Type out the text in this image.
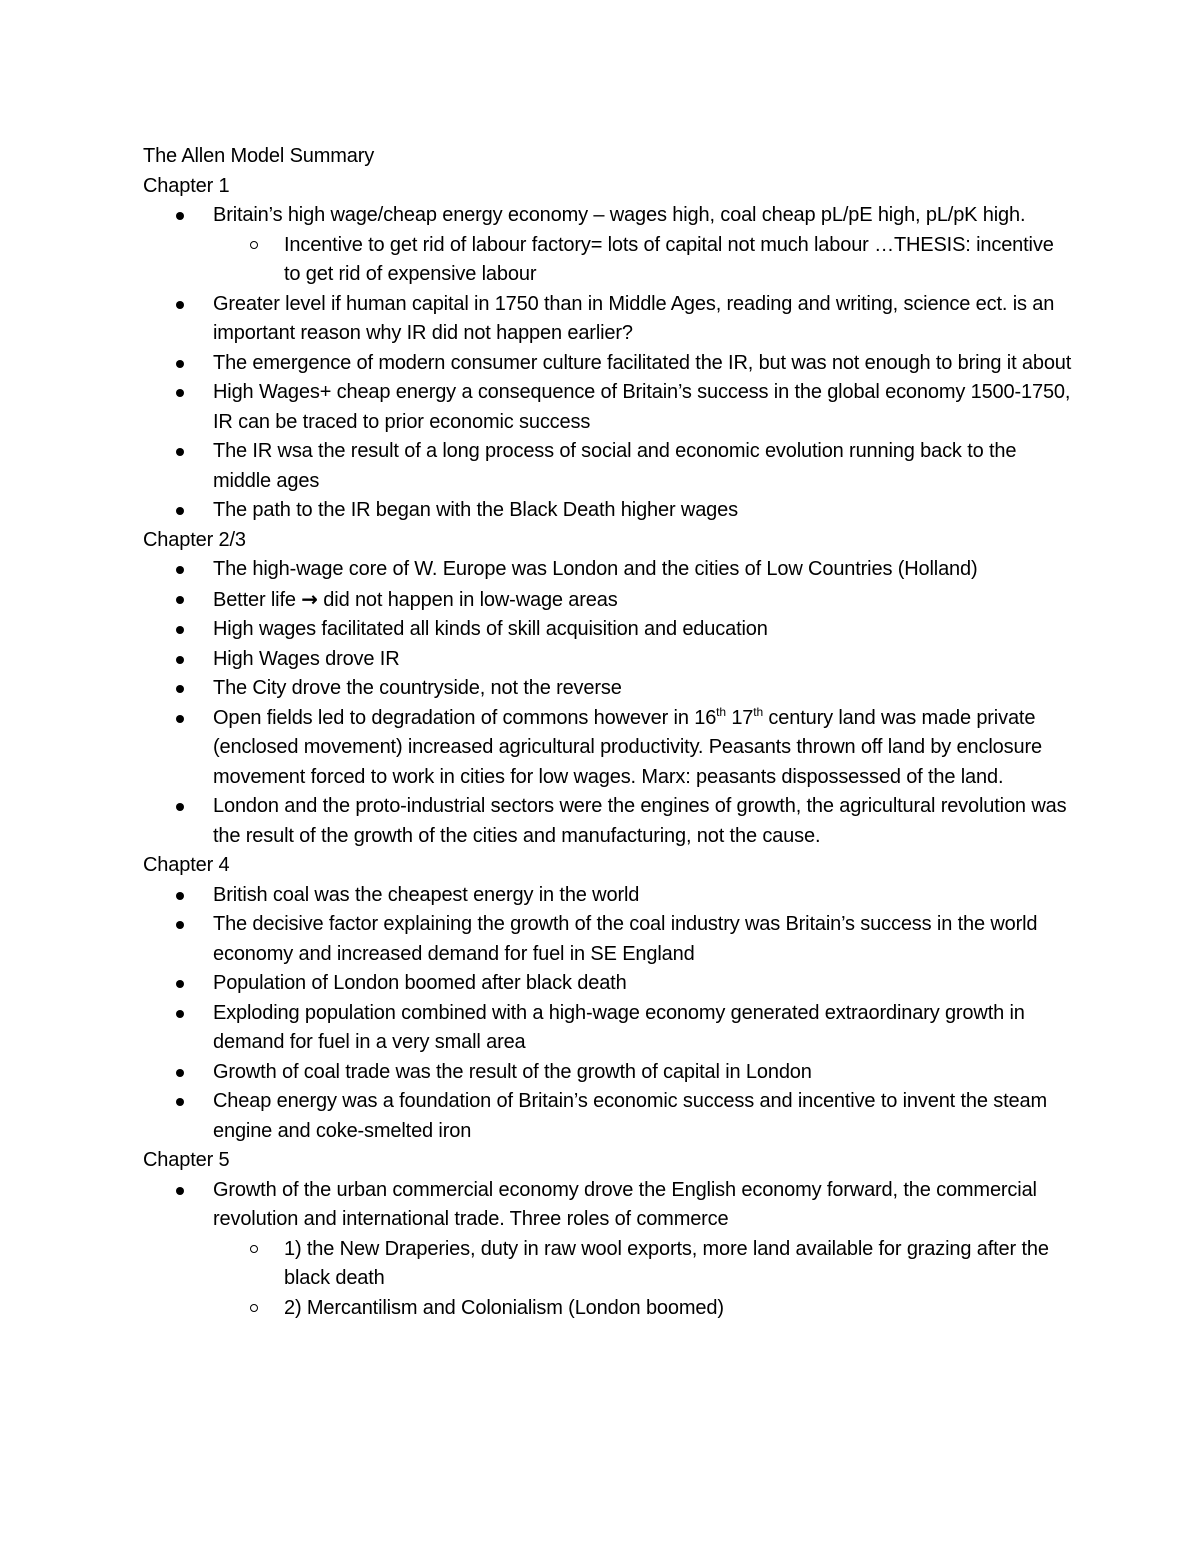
The Allen Model Summary

Chapter 1

Britain’s high wage/cheap energy economy – wages high, coal cheap pL/pE high, pL/pK high.
Incentive to get rid of labour factory= lots of capital not much labour …THESIS: incentive to get rid of expensive labour
Greater level if human capital in 1750 than in Middle Ages, reading and writing, science ect. is an important reason why IR did not happen earlier?
The emergence of modern consumer culture facilitated the IR, but was not enough to bring it about
High Wages+ cheap energy a consequence of Britain’s success in the global economy 1500-1750, IR can be traced to prior economic success
The IR wsa the result of a long process of social and economic evolution running back to the middle ages
The path to the IR began with the Black Death higher wages

Chapter 2/3

The high-wage core of W. Europe was London and the cities of Low Countries (Holland)
Better life → did not happen in low-wage areas
High wages facilitated all kinds of skill acquisition and education
High Wages drove IR
The City drove the countryside, not the reverse
Open fields led to degradation of commons however in 16th 17th century land was made private (enclosed movement) increased agricultural productivity. Peasants thrown off land by enclosure movement forced to work in cities for low wages. Marx: peasants dispossessed of the land.
London and the proto-industrial sectors were the engines of growth, the agricultural revolution was the result of the growth of the cities and manufacturing, not the cause.

Chapter 4

British coal was the cheapest energy in the world
The decisive factor explaining the growth of the coal industry was Britain’s success in the world economy and increased demand for fuel in SE England
Population of London boomed after black death
Exploding population combined with a high-wage economy generated extraordinary growth in demand for fuel in a very small area
Growth of coal trade was the result of the growth of capital in London
Cheap energy was a foundation of Britain’s economic success and incentive to invent the steam engine and coke-smelted iron

Chapter 5

Growth of the urban commercial economy drove the English economy forward, the commercial revolution and international trade. Three roles of commerce
1) the New Draperies, duty in raw wool exports, more land available for grazing after the black death
2) Mercantilism and Colonialism (London boomed)
